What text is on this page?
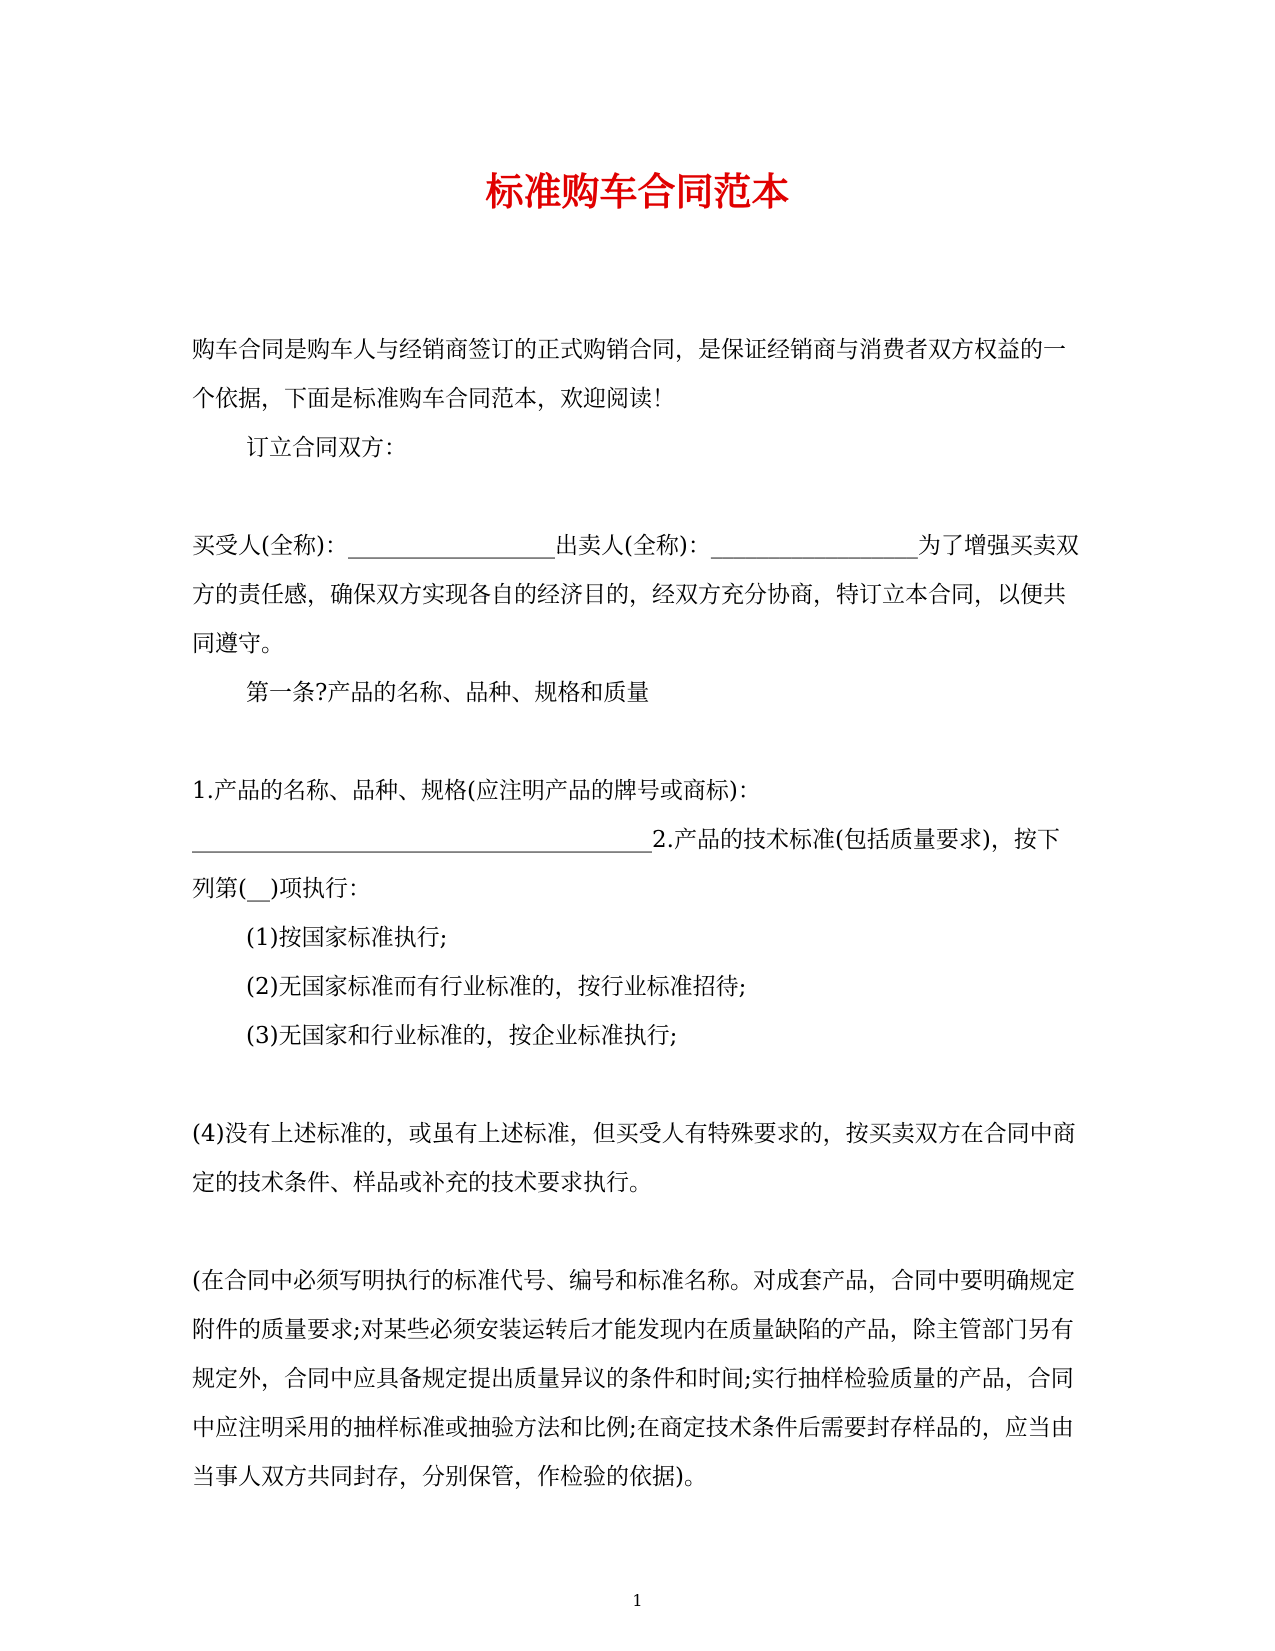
标准购车合同范本

购车合同是购车人与经销商签订的正式购销合同，是保证经销商与消费者双方权益的一个依据，下面是标准购车合同范本，欢迎阅读！

订立合同双方：

买受人(全称)：__________________出卖人(全称)：__________________为了增强买卖双方的责任感，确保双方实现各自的经济目的，经双方充分协商，特订立本合同，以便共同遵守。

第一条?产品的名称、品种、规格和质量

1.产品的名称、品种、规格(应注明产品的牌号或商标)：________________________________________2.产品的技术标准(包括质量要求)，按下列第(__)项执行：

(1)按国家标准执行;

(2)无国家标准而有行业标准的，按行业标准招待;

(3)无国家和行业标准的，按企业标准执行;

(4)没有上述标准的，或虽有上述标准，但买受人有特殊要求的，按买卖双方在合同中商定的技术条件、样品或补充的技术要求执行。

(在合同中必须写明执行的标准代号、编号和标准名称。对成套产品，合同中要明确规定附件的质量要求;对某些必须安装运转后才能发现内在质量缺陷的产品，除主管部门另有规定外，合同中应具备规定提出质量异议的条件和时间;实行抽样检验质量的产品，合同中应注明采用的抽样标准或抽验方法和比例;在商定技术条件后需要封存样品的，应当由当事人双方共同封存，分别保管，作检验的依据)。

1
